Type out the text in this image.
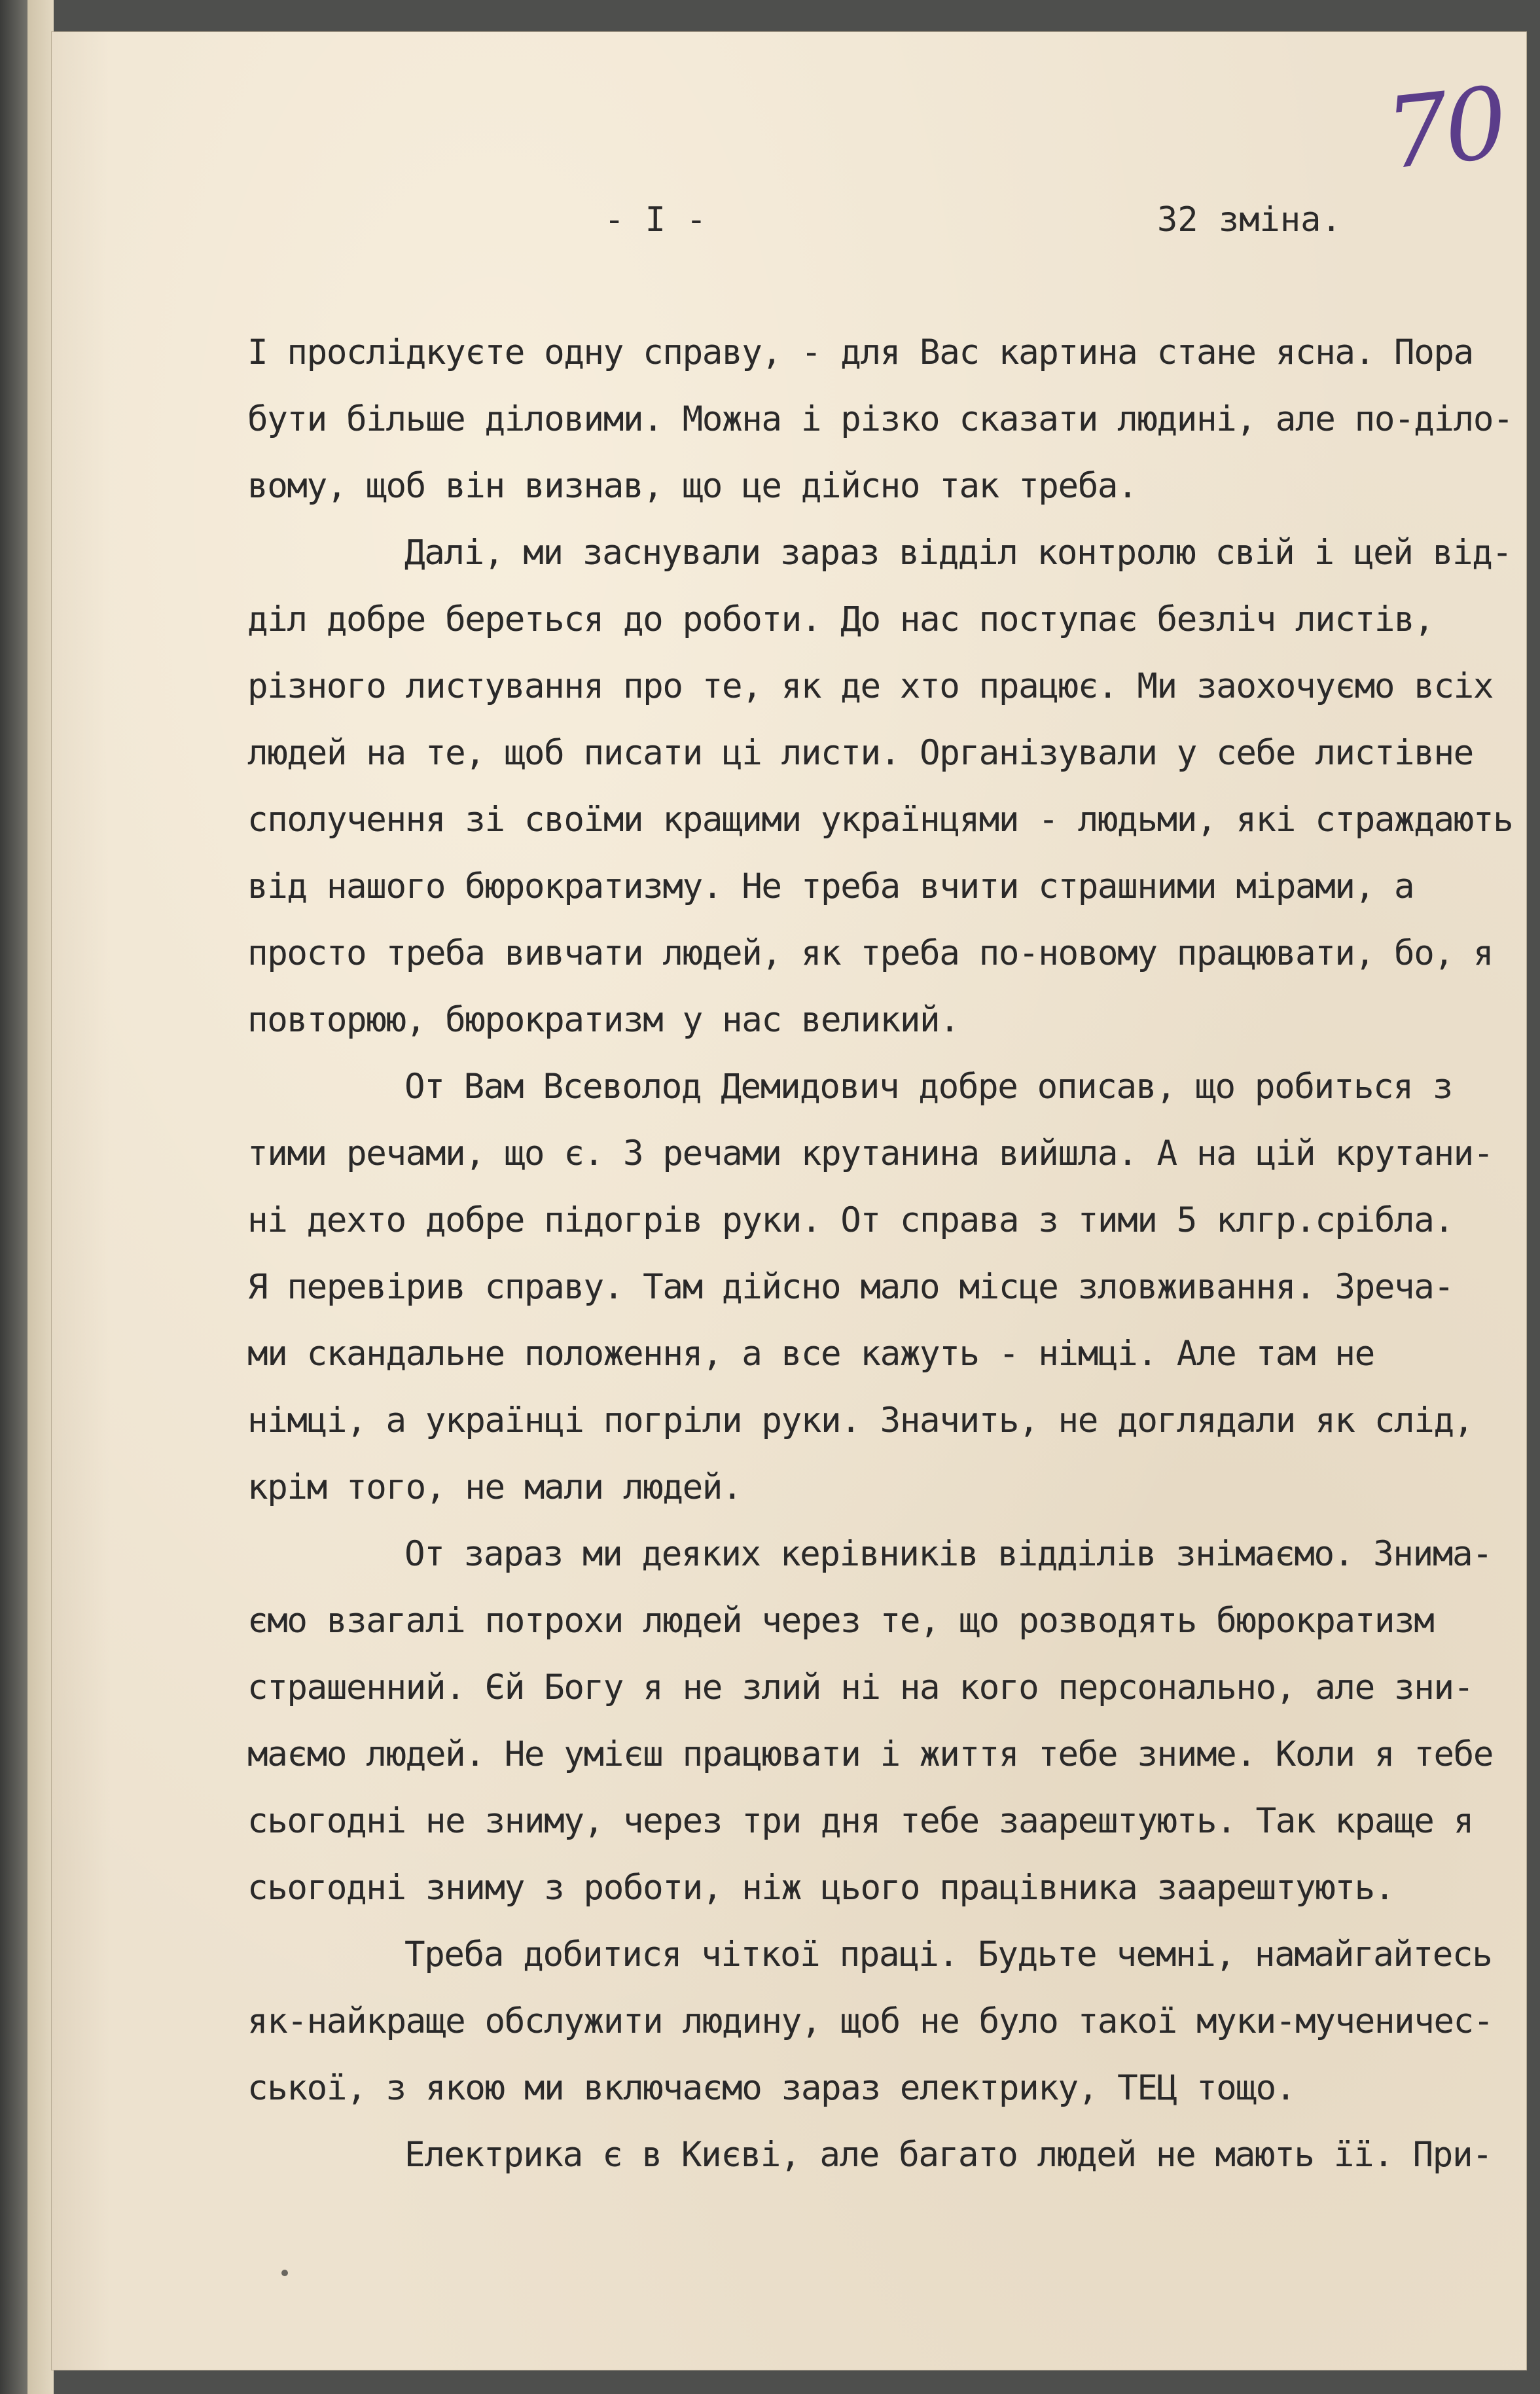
70
- I -	32 зміна.
І прослідкуєте одну справу, - для Вас картина стане ясна. Пора
бути більше діловими. Можна і різко сказати людині, але по-діло-
вому, щоб він визнав, що це дійсно так треба.
Далі, ми заснували зараз відділ контролю свій і цей від-
діл добре береться до роботи. До нас поступає безліч листів,
різного листування про те, як де хто працює. Ми заохочуємо всіх
людей на те, щоб писати ці листи. Організували у себе листівне
сполучення зі своїми кращими українцями - людьми, які страждають
від нашого бюрократизму. Не треба вчити страшними мірами, а
просто треба вивчати людей, як треба по-новому працювати, бо, я
повторюю, бюрократизм у нас великий.
От Вам Всеволод Демидович добре описав, що робиться з
тими речами, що є. З речами крутанина вийшла. А на цій крутани-
ні дехто добре підогрів руки. От справа з тими 5 клгр.срібла.
Я перевірив справу. Там дійсно мало місце зловживання. Зреча-
ми скандальне положення, а все кажуть - німці. Але там не
німці, а українці погріли руки. Значить, не доглядали як слід,
крім того, не мали людей.
От зараз ми деяких керівників відділів знімаємо. Знима-
ємо взагалі потрохи людей через те, що розводять бюрократизм
страшенний. Єй Богу я не злий ні на кого персонально, але зни-
маємо людей. Не умієш працювати і життя тебе зниме. Коли я тебе
сьогодні не зниму, через три дня тебе заарештують. Так краще я
сьогодні зниму з роботи, ніж цього працівника заарештують.
Треба добитися чіткої праці. Будьте чемні, намайгайтесь
як-найкраще обслужити людину, щоб не було такої муки-мученичес-
ської, з якою ми включаємо зараз електрику, ТЕЦ тощо.
Електрика є в Києві, але багато людей не мають її. При-
